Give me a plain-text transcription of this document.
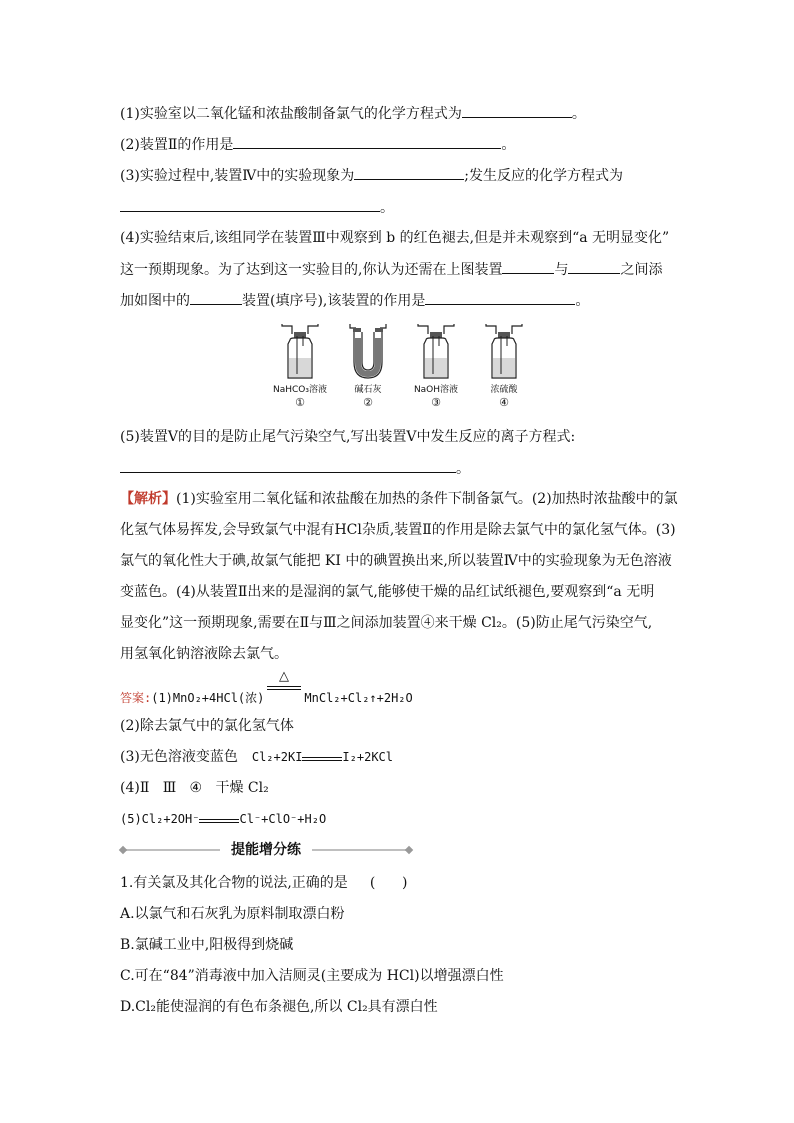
(1)实验室以二氧化锰和浓盐酸制备氯气的化学方程式为	。
(2)装置Ⅱ的作用是	。
(3)实验过程中,装置Ⅳ中的实验现象为	;发生反应的化学方程式为
。
(4)实验结束后,该组同学在装置Ⅲ中观察到 b 的红色褪去,但是并未观察到“a 无明显变化”
这一预期现象。为了达到这一实验目的,你认为还需在上图装置	与	之间添
加如图中的	装置(填序号),该装置的作用是	。
NaHCO₃溶液
①
碱石灰
②
NaOH溶液
③
浓硫酸
④
(5)装置Ⅴ的目的是防止尾气污染空气,写出装置Ⅴ中发生反应的离子方程式:
。
【解析】(1)实验室用二氧化锰和浓盐酸在加热的条件下制备氯气。(2)加热时浓盐酸中的氯
化氢气体易挥发,会导致氯气中混有HCl杂质,装置Ⅱ的作用是除去氯气中的氯化氢气体。(3)
氯气的氧化性大于碘,故氯气能把 KI 中的碘置换出来,所以装置Ⅳ中的实验现象为无色溶液
变蓝色。(4)从装置Ⅱ出来的是湿润的氯气,能够使干燥的品红试纸褪色,要观察到“a 无明
显变化”这一预期现象,需要在Ⅱ与Ⅲ之间添加装置④来干燥 Cl₂。(5)防止尾气污染空气,
用氢氧化钠溶液除去氯气。
△
答案:(1)MnO₂+4HCl(浓)	MnCl₂+Cl₂↑+2H₂O
(2)除去氯气中的氯化氢气体
(3)无色溶液变蓝色 Cl₂+2KI	I₂+2KCl
(4)Ⅱ   Ⅲ   ④   干燥 Cl₂
(5)Cl₂+2OH⁻	Cl⁻+ClO⁻+H₂O
提能增分练
1.有关氯及其化合物的说法,正确的是 (      )
A.以氯气和石灰乳为原料制取漂白粉
B.氯碱工业中,阳极得到烧碱
C.可在“84”消毒液中加入洁厕灵(主要成为 HCl)以增强漂白性
D.Cl₂能使湿润的有色布条褪色,所以 Cl₂具有漂白性
